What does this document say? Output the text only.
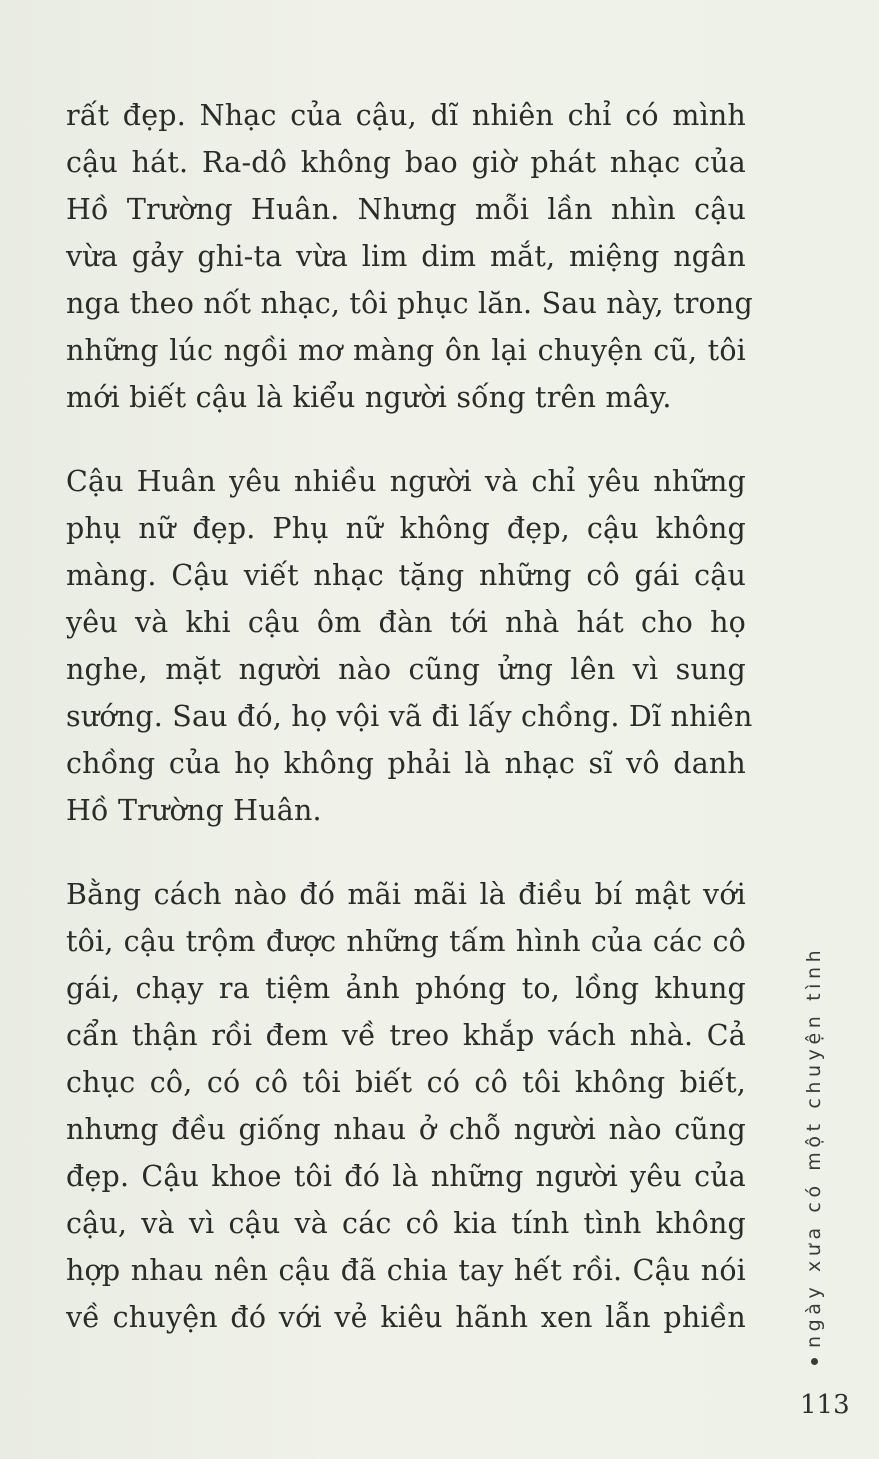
rất đẹp. Nhạc của cậu, dĩ nhiên chỉ có mình
cậu hát. Ra-dô không bao giờ phát nhạc của
Hồ Trường Huân. Nhưng mỗi lần nhìn cậu
vừa gảy ghi-ta vừa lim dim mắt, miệng ngân
nga theo nốt nhạc, tôi phục lăn. Sau này, trong
những lúc ngồi mơ màng ôn lại chuyện cũ, tôi
mới biết cậu là kiểu người sống trên mây.

Cậu Huân yêu nhiều người và chỉ yêu những
phụ nữ đẹp. Phụ nữ không đẹp, cậu không
màng. Cậu viết nhạc tặng những cô gái cậu
yêu và khi cậu ôm đàn tới nhà hát cho họ
nghe, mặt người nào cũng ửng lên vì sung
sướng. Sau đó, họ vội vã đi lấy chồng. Dĩ nhiên
chồng của họ không phải là nhạc sĩ vô danh
Hồ Trường Huân.

Bằng cách nào đó mãi mãi là điều bí mật với
tôi, cậu trộm được những tấm hình của các cô
gái, chạy ra tiệm ảnh phóng to, lồng khung
cẩn thận rồi đem về treo khắp vách nhà. Cả
chục cô, có cô tôi biết có cô tôi không biết,
nhưng đều giống nhau ở chỗ người nào cũng
đẹp. Cậu khoe tôi đó là những người yêu của
cậu, và vì cậu và các cô kia tính tình không
hợp nhau nên cậu đã chia tay hết rồi. Cậu nói
về chuyện đó với vẻ kiêu hãnh xen lẫn phiền	ngày xưa có một chuyện tình
113
